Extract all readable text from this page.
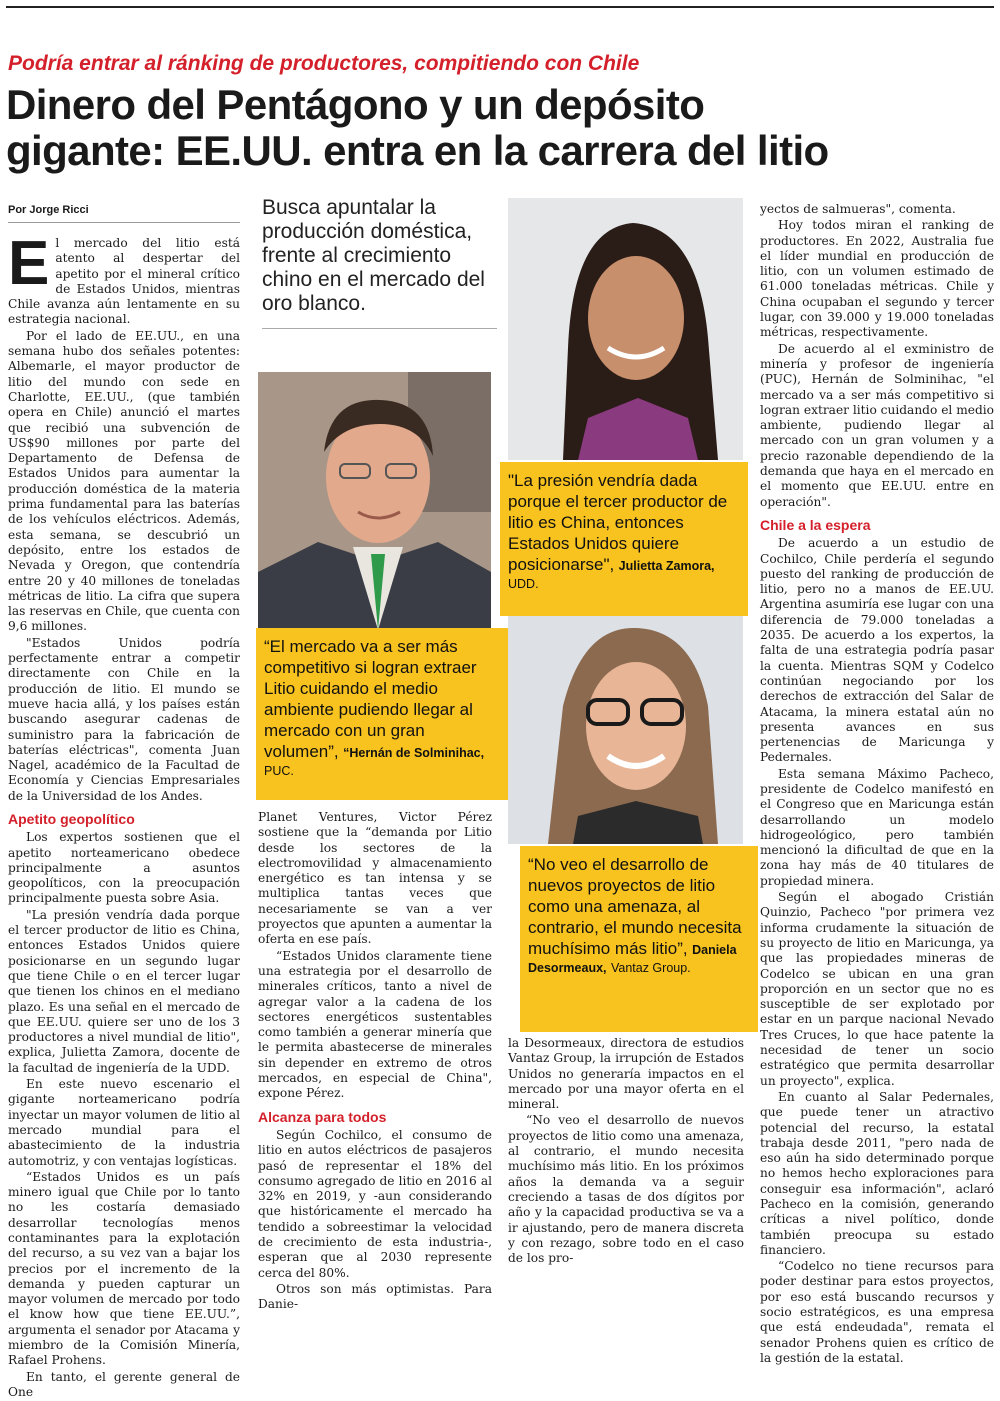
Podría entrar al ránking de productores, compitiendo con Chile
Dinero del Pentágono y un depósito
gigante: EE.UU. entra en la carrera del litio
Por Jorge Ricci

El mercado del litio está atento al despertar del apetito por el mineral crítico de Estados Unidos, mientras Chile avanza aún lentamente en su estrategia nacional.

Por el lado de EE.UU., en una semana hubo dos señales potentes: Albemarle, el mayor productor de litio del mundo con sede en Charlotte, EE.UU., (que también opera en Chile) anunció el martes que recibió una subvención de US$90 millones por parte del Departamento de Defensa de Estados Unidos para aumentar la producción doméstica de la materia prima fundamental para las baterías de los vehículos eléctricos. Además, esta semana, se descubrió un depósito, entre los estados de Nevada y Oregon, que contendría entre 20 y 40 millones de toneladas métricas de litio. La cifra que supera las reservas en Chile, que cuenta con 9,6 millones.

"Estados Unidos podría perfectamente entrar a competir directamente con Chile en la producción de litio. El mundo se mueve hacia allá, y los países están buscando asegurar cadenas de suministro para la fabricación de baterías eléctricas", comenta Juan Nagel, académico de la Facultad de Economía y Ciencias Empresariales de la Universidad de los Andes.

Apetito geopolítico

Los expertos sostienen que el apetito norteamericano obedece principalmente a asuntos geopolíticos, con la preocupación principalmente puesta sobre Asia.

"La presión vendría dada porque el tercer productor de litio es China, entonces Estados Unidos quiere posicionarse en un segundo lugar que tiene Chile o en el tercer lugar que tienen los chinos en el mediano plazo. Es una señal en el mercado de que EE.UU. quiere ser uno de los 3 productores a nivel mundial de litio", explica, Julietta Zamora, docente de la facultad de ingeniería de la UDD.

En este nuevo escenario el gigante norteamericano podría inyectar un mayor volumen de litio al mercado mundial para el abastecimiento de la industria automotriz, y con ventajas logísticas.

“Estados Unidos es un país minero igual que Chile por lo tanto no les costaría demasiado desarrollar tecnologías menos contaminantes para la explotación del recurso, a su vez van a bajar los precios por el incremento de la demanda y pueden capturar un mayor volumen de mercado por todo el know how que tiene EE.UU.”, argumenta el senador por Atacama y miembro de la Comisión Minería, Rafael Prohens.

En tanto, el gerente general de One

Busca apuntalar la producción doméstica, frente al crecimiento chino en el mercado del oro blanco.
“El mercado va a ser más competitivo si logran extraer Litio cuidando el medio ambiente pudiendo llegar al mercado con un gran volumen”, “Hernán de Solminihac, PUC.

Planet Ventures, Victor Pérez sostiene que la “demanda por Litio desde los sectores de la electromovilidad y almacenamiento energético es tan intensa y se multiplica tantas veces que necesariamente se van a ver proyectos que apunten a aumentar la oferta en ese país.

“Estados Unidos claramente tiene una estrategia por el desarrollo de minerales críticos, tanto a nivel de agregar valor a la cadena de los sectores energéticos sustentables como también a generar minería que le permita abastecerse de minerales sin depender en extremo de otros mercados, en especial de China", expone Pérez.

Alcanza para todos

Según Cochilco, el consumo de litio en autos eléctricos de pasajeros pasó de representar el 18% del consumo agregado de litio en 2016 al 32% en 2019, y -aun considerando que históricamente el mercado ha tendido a sobreestimar la velocidad de crecimiento de esta industria-, esperan que al 2030 represente cerca del 80%.

Otros son más optimistas. Para Danie-

"La presión vendría dada porque el tercer productor de litio es China, entonces Estados Unidos quiere posicionarse", Julietta Zamora, UDD.
“No veo el desarrollo de nuevos proyectos de litio como una amenaza, al contrario, el mundo necesita muchísimo más litio”, Daniela Desormeaux, Vantaz Group.

la Desormeaux, directora de estudios Vantaz Group, la irrupción de Estados Unidos no generaría impactos en el mercado por una mayor oferta en el mineral.

“No veo el desarrollo de nuevos proyectos de litio como una amenaza, al contrario, el mundo necesita muchísimo más litio. En los próximos años la demanda va a seguir creciendo a tasas de dos dígitos por año y la capacidad productiva se va a ir ajustando, pero de manera discreta y con rezago, sobre todo en el caso de los pro-

yectos de salmueras", comenta.

Hoy todos miran el ranking de productores. En 2022, Australia fue el líder mundial en producción de litio, con un volumen estimado de 61.000 toneladas métricas. Chile y China ocupaban el segundo y tercer lugar, con 39.000 y 19.000 toneladas métricas, respectivamente.

De acuerdo al el exministro de minería y profesor de ingeniería (PUC), Hernán de Solminihac, "el mercado va a ser más competitivo si logran extraer litio cuidando el medio ambiente, pudiendo llegar al mercado con un gran volumen y a precio razonable dependiendo de la demanda que haya en el mercado en el momento que EE.UU. entre en operación".

Chile a la espera

De acuerdo a un estudio de Cochilco, Chile perdería el segundo puesto del ranking de producción de litio, pero no a manos de EE.UU. Argentina asumiría ese lugar con una diferencia de 79.000 toneladas a 2035. De acuerdo a los expertos, la falta de una estrategia podría pasar la cuenta. Mientras SQM y Codelco continúan negociando por los derechos de extracción del Salar de Atacama, la minera estatal aún no presenta avances en sus pertenencias de Maricunga y Pedernales.

Esta semana Máximo Pacheco, presidente de Codelco manifestó en el Congreso que en Maricunga están desarrollando un modelo hidrogeológico, pero también mencionó la dificultad de que en la zona hay más de 40 titulares de propiedad minera.

Según el abogado Cristián Quinzio, Pacheco "por primera vez informa crudamente la situación de su proyecto de litio en Maricunga, ya que las propiedades mineras de Codelco se ubican en una gran proporción en un sector que no es susceptible de ser explotado por estar en un parque nacional Nevado Tres Cruces, lo que hace patente la necesidad de tener un socio estratégico que permita desarrollar un proyecto", explica.

En cuanto al Salar Pedernales, que puede tener un atractivo potencial del recurso, la estatal trabaja desde 2011, "pero nada de eso aún ha sido determinado porque no hemos hecho exploraciones para conseguir esa información", aclaró Pacheco en la comisión, generando críticas a nivel político, donde también preocupa su estado financiero.

“Codelco no tiene recursos para poder destinar para estos proyectos, por eso está buscando recursos y socio estratégicos, es una empresa que está endeudada", remata el senador Prohens quien es crítico de la gestión de la estatal.
